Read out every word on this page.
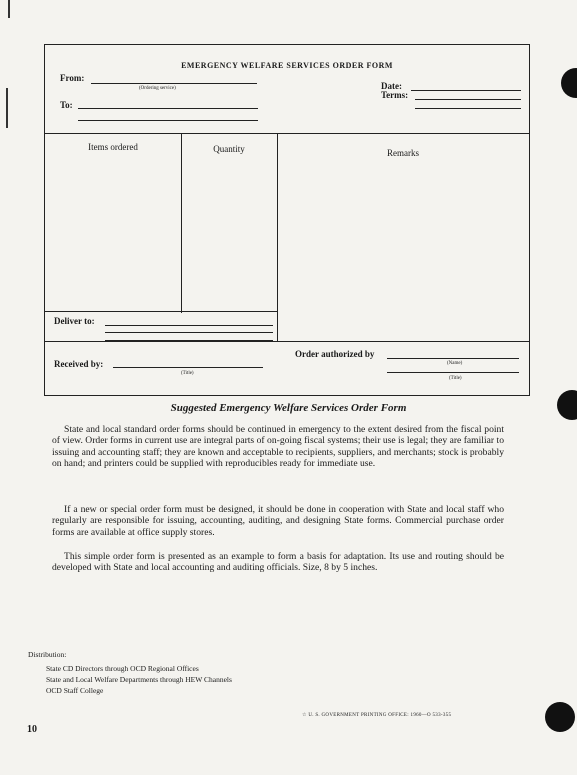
EMERGENCY WELFARE SERVICES ORDER FORM
From:
(Ordering service)
To:
Date:
Terms:
Items ordered	Quantity	Remarks
Deliver to:
Received by:
(Title)
Order authorized by
(Name)
(Title)
Suggested Emergency Welfare Services Order Form
State and local standard order forms should be continued in emergency to the extent desired from the fiscal point of view. Order forms in current use are integral parts of on-going fiscal systems; their use is legal; they are familiar to issuing and accounting staff; they are known and acceptable to recipients, suppliers, and merchants; stock is probably on hand; and printers could be supplied with reproducibles ready for immediate use.
If a new or special order form must be designed, it should be done in cooperation with State and local staff who regularly are responsible for issuing, accounting, auditing, and designing State forms. Commercial purchase order forms are available at office supply stores.
This simple order form is presented as an example to form a basis for adaptation. Its use and routing should be developed with State and local accounting and auditing officials. Size, 8 by 5 inches.
Distribution:
State CD Directors through OCD Regional Offices
State and Local Welfare Departments through HEW Channels
OCD Staff College
☆ U. S. GOVERNMENT PRINTING OFFICE: 1960—O 533-355
10
